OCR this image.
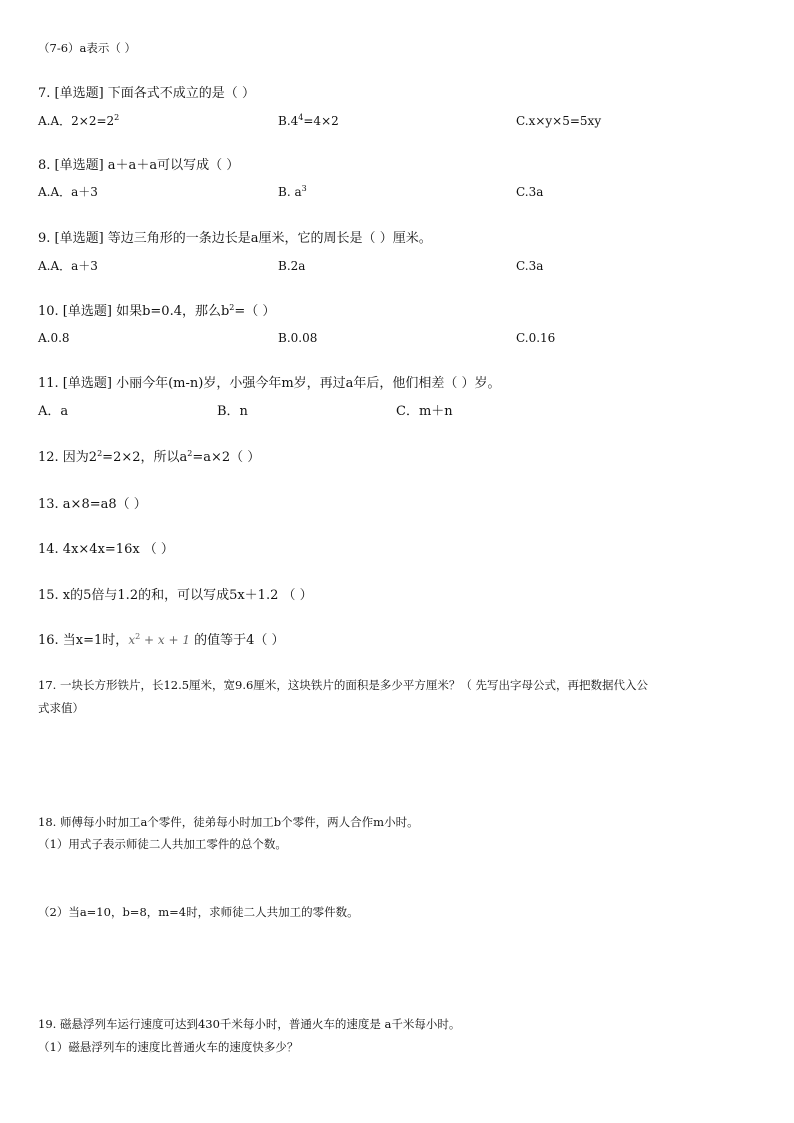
（7-6）a表示（ ）
7. [单选题] 下面各式不成立的是（ ）
A.A．$2\times 2=2^2$	$B.4^4=4\times 2$	C.x×y×5=5xy
8. [单选题] a＋a＋a可以写成（ ）
A.A．a＋3	B. $a^3$	C.3a
9. [单选题] 等边三角形的一条边长是a厘米，它的周长是（ ）厘米。
A.A．a＋3	B.2a	C.3a
10. [单选题] 如果b=0.4，那么$b^2=$（ ）
A.0.8	B.0.08	C.0.16
11. [单选题] 小丽今年(m-n)岁，小强今年m岁，再过a年后，他们相差（ ）岁。
A．a	B．n	C．m＋n
12. 因为$2^2=2\times 2$，所以$a^2=a\times 2$（ ）
13. a×8=a8（ ）
14. 4x×4x=16x （ ）
15. x的5倍与1.2的和，可以写成5x＋1.2 （ ）
16. 当x=1时，$x^2 + x + 1$ 的值等于4（ ）
17. 一块长方形铁片，长12.5厘米，宽9.6厘米，这块铁片的面积是多少平方厘米？（ 先写出字母公式，再把数据代入公
式求值）
18. 师傅每小时加工a个零件，徒弟每小时加工b个零件，两人合作m小时。
（1）用式子表示师徒二人共加工零件的总个数。
（2）当a=10，b=8，m=4时，求师徒二人共加工的零件数。
19. 磁悬浮列车运行速度可达到430千米每小时，普通火车的速度是 a千米每小时。
（1）磁悬浮列车的速度比普通火车的速度快多少？
